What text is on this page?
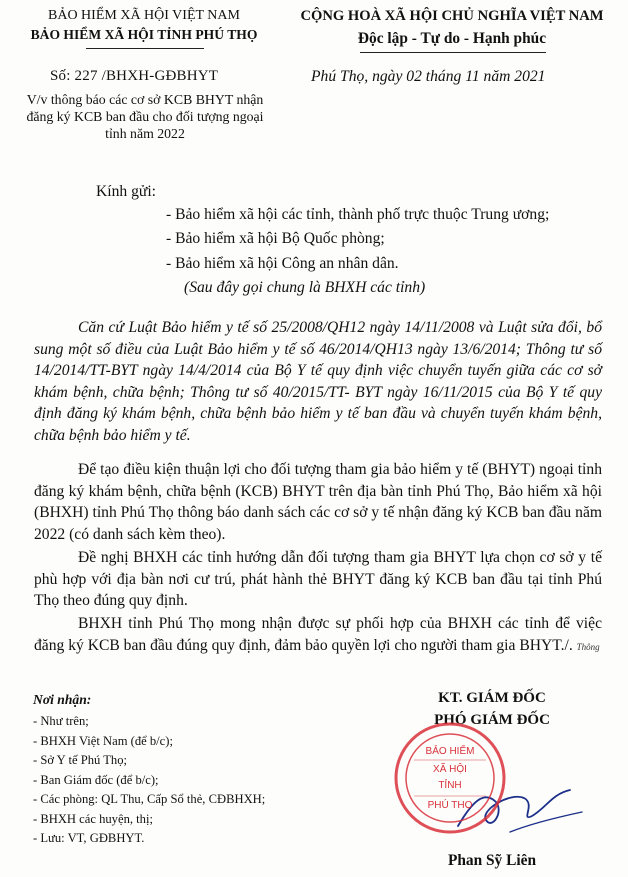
BẢO HIỂM XÃ HỘI VIỆT NAM
BẢO HIỂM XÃ HỘI TỈNH PHÚ THỌ
Số: 227 /BHXH-GĐBHYT
V/v thông báo các cơ sở KCB BHYT nhận
đăng ký KCB ban đầu cho đối tượng ngoại
tỉnh năm 2022
CỘNG HOÀ XÃ HỘI CHỦ NGHĨA VIỆT NAM
Độc lập - Tự do - Hạnh phúc
Phú Thọ, ngày 02 tháng 11 năm 2021
Kính gửi:
- Bảo hiểm xã hội các tỉnh, thành phố trực thuộc Trung ương;
- Bảo hiểm xã hội Bộ Quốc phòng;
- Bảo hiểm xã hội Công an nhân dân.
(Sau đây gọi chung là BHXH các tỉnh)
Căn cứ Luật Bảo hiểm y tế số 25/2008/QH12 ngày 14/11/2008 và Luật sửa đổi, bổ sung một số điều của Luật Bảo hiểm y tế số 46/2014/QH13 ngày 13/6/2014; Thông tư số 14/2014/TT-BYT ngày 14/4/2014 của Bộ Y tế quy định việc chuyển tuyến giữa các cơ sở khám bệnh, chữa bệnh; Thông tư số 40/2015/TT- BYT ngày 16/11/2015 của Bộ Y tế quy định đăng ký khám bệnh, chữa bệnh bảo hiểm y tế ban đầu và chuyển tuyến khám bệnh, chữa bệnh bảo hiểm y tế.
Để tạo điều kiện thuận lợi cho đối tượng tham gia bảo hiểm y tế (BHYT) ngoại tỉnh đăng ký khám bệnh, chữa bệnh (KCB) BHYT trên địa bàn tỉnh Phú Thọ, Bảo hiểm xã hội (BHXH) tỉnh Phú Thọ thông báo danh sách các cơ sở y tế nhận đăng ký KCB ban đầu năm 2022 (có danh sách kèm theo).
Đề nghị BHXH các tỉnh hướng dẫn đối tượng tham gia BHYT lựa chọn cơ sở y tế phù hợp với địa bàn nơi cư trú, phát hành thẻ BHYT đăng ký KCB ban đầu tại tỉnh Phú Thọ theo đúng quy định.
BHXH tỉnh Phú Thọ mong nhận được sự phối hợp của BHXH các tỉnh để việc đăng ký KCB ban đầu đúng quy định, đảm bảo quyền lợi cho người tham gia BHYT./. Thông
Nơi nhận:
- Như trên;
- BHXH Việt Nam (để b/c);
- Sở Y tế Phú Thọ;
- Ban Giám đốc (để b/c);
- Các phòng: QL Thu, Cấp Sổ thẻ, CĐBHXH;
- BHXH các huyện, thị;
- Lưu: VT, GĐBHYT.
KT. GIÁM ĐỐC
PHÓ GIÁM ĐỐC
BẢO HIỂM
XÃ HỘI
TỈNH
PHÚ THỌ
Phan Sỹ Liên
